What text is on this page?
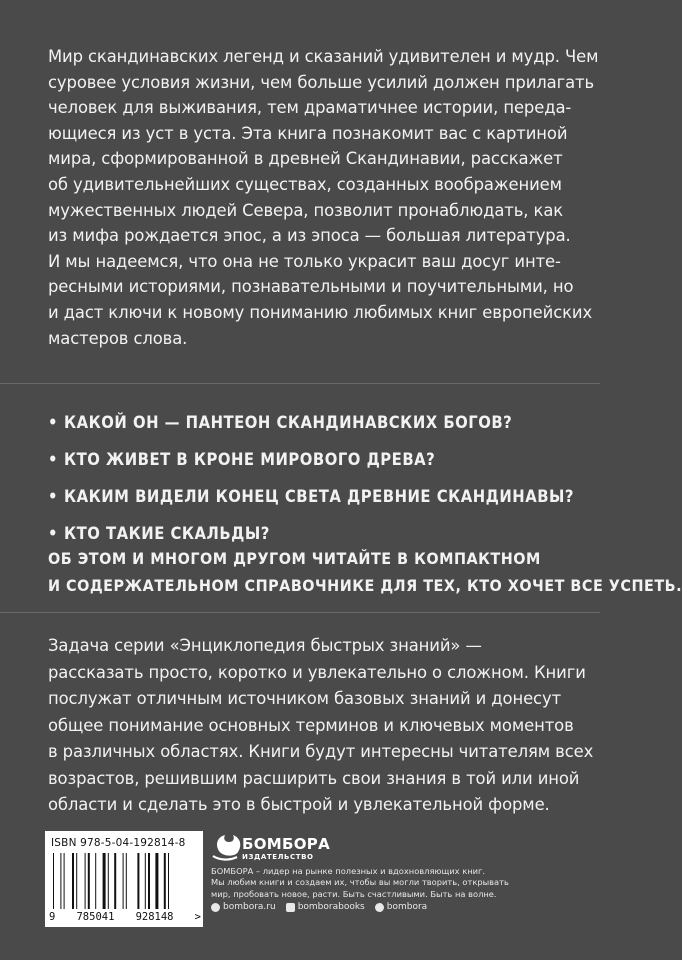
Мир скандинавских легенд и сказаний удивителен и мудр. Чем

суровее условия жизни, чем больше усилий должен прилагать

человек для выживания, тем драматичнее истории, переда-

ющиеся из уст в уста. Эта книга познакомит вас с картиной

мира, сформированной в древней Скандинавии, расскажет

об удивительнейших существах, созданных воображением

мужественных людей Севера, позволит пронаблюдать, как

из мифа рождается эпос, а из эпоса — большая литература.

И мы надеемся, что она не только украсит ваш досуг инте-

ресными историями, познавательными и поучительными, но

и даст ключи к новому пониманию любимых книг европейских

мастеров слова.

• КАКОЙ ОН — ПАНТЕОН СКАНДИНАВСКИХ БОГОВ?
• КТО ЖИВЕТ В КРОНЕ МИРОВОГО ДРЕВА?
• КАКИМ ВИДЕЛИ КОНЕЦ СВЕТА ДРЕВНИЕ СКАНДИНАВЫ?
• КТО ТАКИЕ СКАЛЬДЫ?
ОБ ЭТОМ И МНОГОМ ДРУГОМ ЧИТАЙТЕ В КОМПАКТНОМ
И СОДЕРЖАТЕЛЬНОМ СПРАВОЧНИКЕ ДЛЯ ТЕХ, КТО ХОЧЕТ ВСЕ УСПЕТЬ.

Задача серии «Энциклопедия быстрых знаний» —

рассказать просто, коротко и увлекательно о сложном. Книги

послужат отличным источником базовых знаний и донесут

общее понимание основных терминов и ключевых моментов

в различных областях. Книги будут интересны читателям всех

возрастов, решившим расширить свои знания в той или иной

области и сделать это в быстрой и увлекательной форме.

ISBN 978-5-04-192814-8
9 785041 928148 >
БОМБОРА
ИЗДАТЕЛЬСТВО
БОМБОРА – лидер на рынке полезных и вдохновляющих книг.
Мы любим книги и создаем их, чтобы вы могли творить, открывать
мир, пробовать новое, расти. Быть счастливыми. Быть на волне.
bombora.ru bomborabooks bombora
